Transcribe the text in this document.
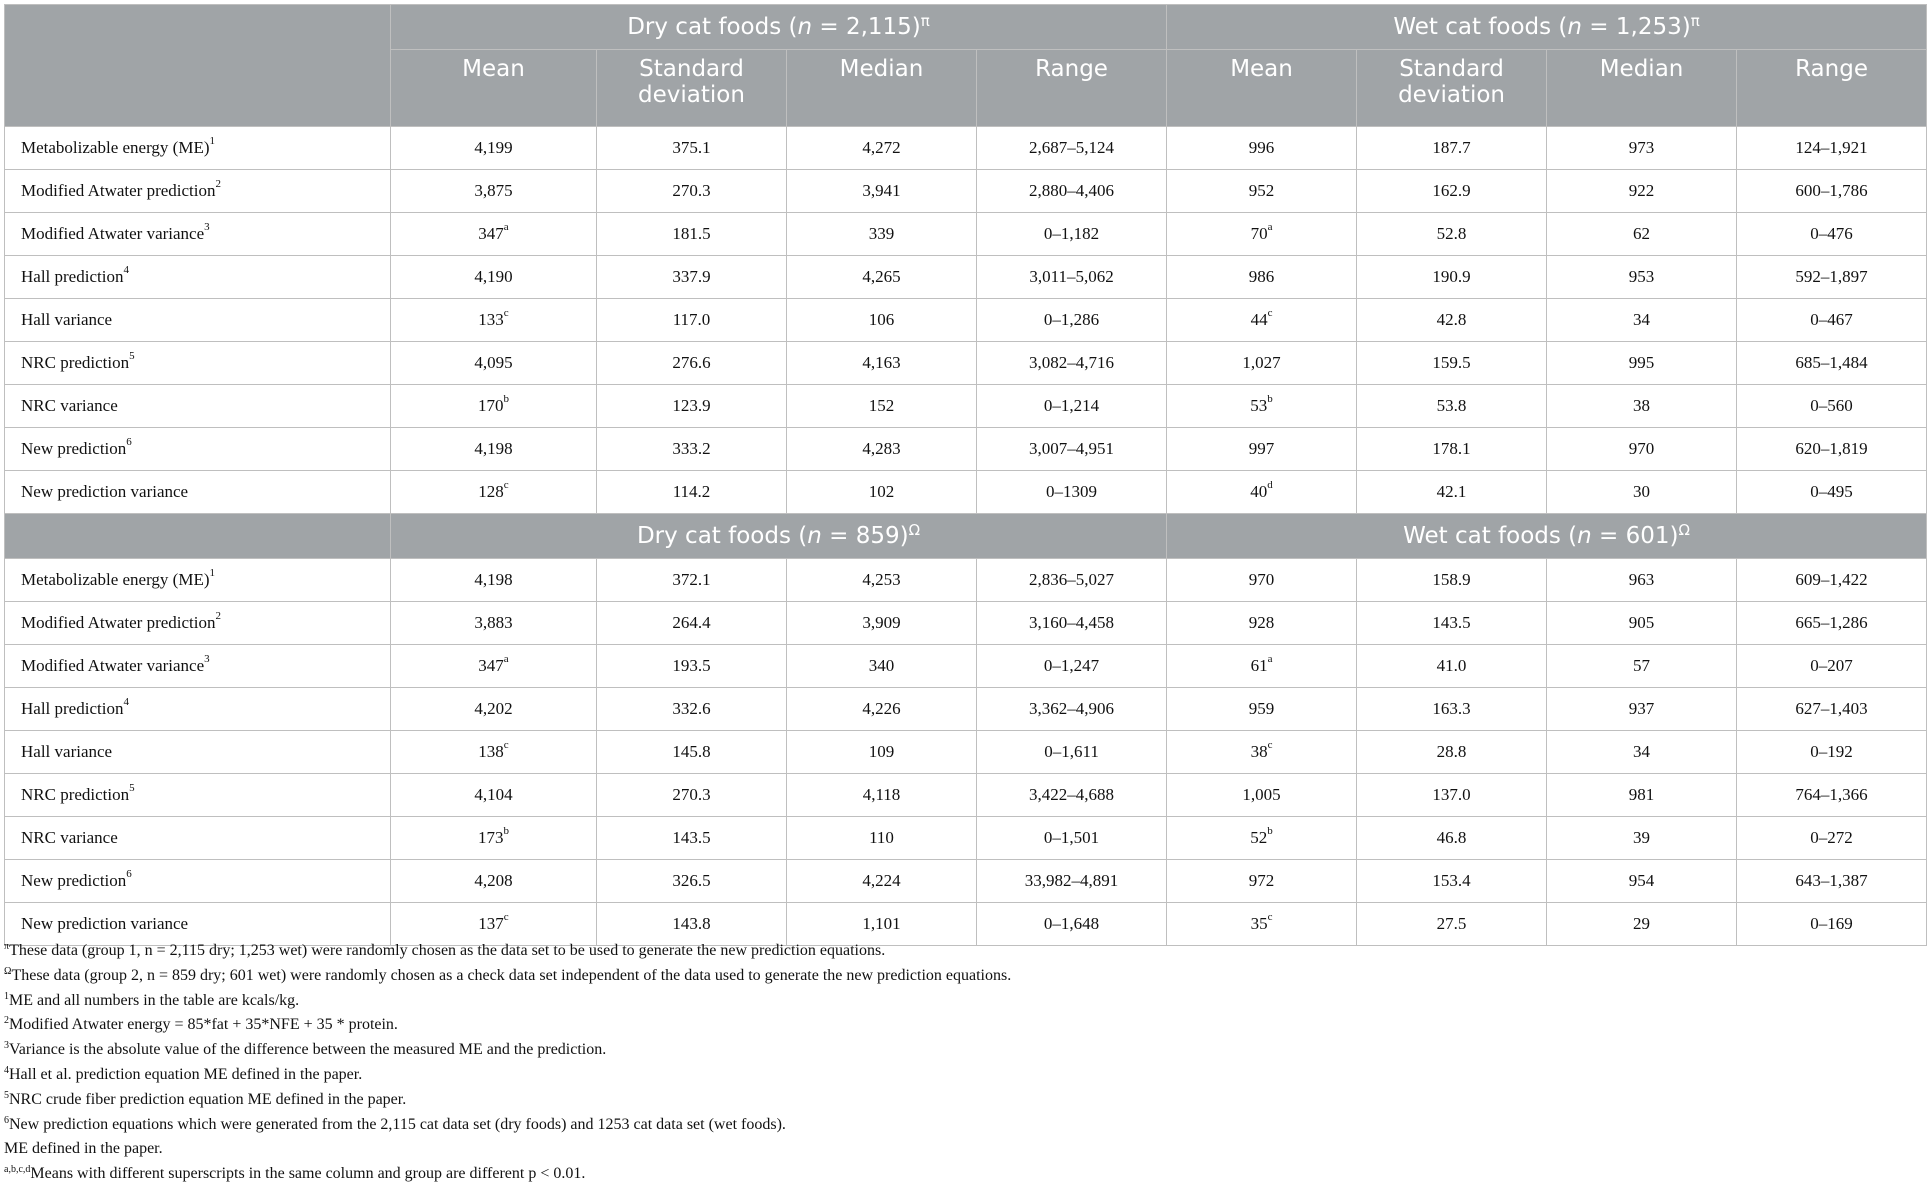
	Dry cat foods (n = 2,115)$^\pi$				Wet cat foods (n = 1,253)$^\pi$
	Mean	Standard deviation	Median	Range	Mean	Standard deviation	Median	Range
Metabolizable energy (ME)$^1$	4,199	375.1	4,272	2,687–5,124	996	187.7	973	124–1,921
Modified Atwater prediction$^2$	3,875	270.3	3,941	2,880–4,406	952	162.9	922	600–1,786
Modified Atwater variance$^3$	347$^a$	181.5	339	0–1,182	70$^a$	52.8	62	0–476
Hall prediction$^4$	4,190	337.9	4,265	3,011–5,062	986	190.9	953	592–1,897
Hall variance	133$^c$	117.0	106	0–1,286	44$^c$	42.8	34	0–467
NRC prediction$^5$	4,095	276.6	4,163	3,082–4,716	1,027	159.5	995	685–1,484
NRC variance	170$^b$	123.9	152	0–1,214	53$^b$	53.8	38	0–560
New prediction$^6$	4,198	333.2	4,283	3,007–4,951	997	178.1	970	620–1,819
New prediction variance	128$^c$	114.2	102	0–1309	40$^d$	42.1	30	0–495
	Dry cat foods (n = 859)$^\Omega$				Wet cat foods (n = 601)$^\Omega$
Metabolizable energy (ME)$^1$	4,198	372.1	4,253	2,836–5,027	970	158.9	963	609–1,422
Modified Atwater prediction$^2$	3,883	264.4	3,909	3,160–4,458	928	143.5	905	665–1,286
Modified Atwater variance$^3$	347$^a$	193.5	340	0–1,247	61$^a$	41.0	57	0–207
Hall prediction$^4$	4,202	332.6	4,226	3,362–4,906	959	163.3	937	627–1,403
Hall variance	138$^c$	145.8	109	0–1,611	38$^c$	28.8	34	0–192
NRC prediction$^5$	4,104	270.3	4,118	3,422–4,688	1,005	137.0	981	764–1,366
NRC variance	173$^b$	143.5	110	0–1,501	52$^b$	46.8	39	0–272
New prediction$^6$	4,208	326.5	4,224	33,982–4,891	972	153.4	954	643–1,387
New prediction variance	137$^c$	143.8	1,101	0–1,648	35$^c$	27.5	29	0–169
$^\pi$These data (group 1, n = 2,115 dry; 1,253 wet) were randomly chosen as the data set to be used to generate the new prediction equations.
$^\Omega$These data (group 2, n = 859 dry; 601 wet) were randomly chosen as a check data set independent of the data used to generate the new prediction equations.
$^1$ME and all numbers in the table are kcals/kg.
$^2$Modified Atwater energy = 85*fat + 35*NFE + 35 * protein.
$^3$Variance is the absolute value of the difference between the measured ME and the prediction.
$^4$Hall et al. prediction equation ME defined in the paper.
$^5$NRC crude fiber prediction equation ME defined in the paper.
$^6$New prediction equations which were generated from the 2,115 cat data set (dry foods) and 1253 cat data set (wet foods).
ME defined in the paper.
$^{a,b,c,d}$Means with different superscripts in the same column and group are different p < 0.01.
